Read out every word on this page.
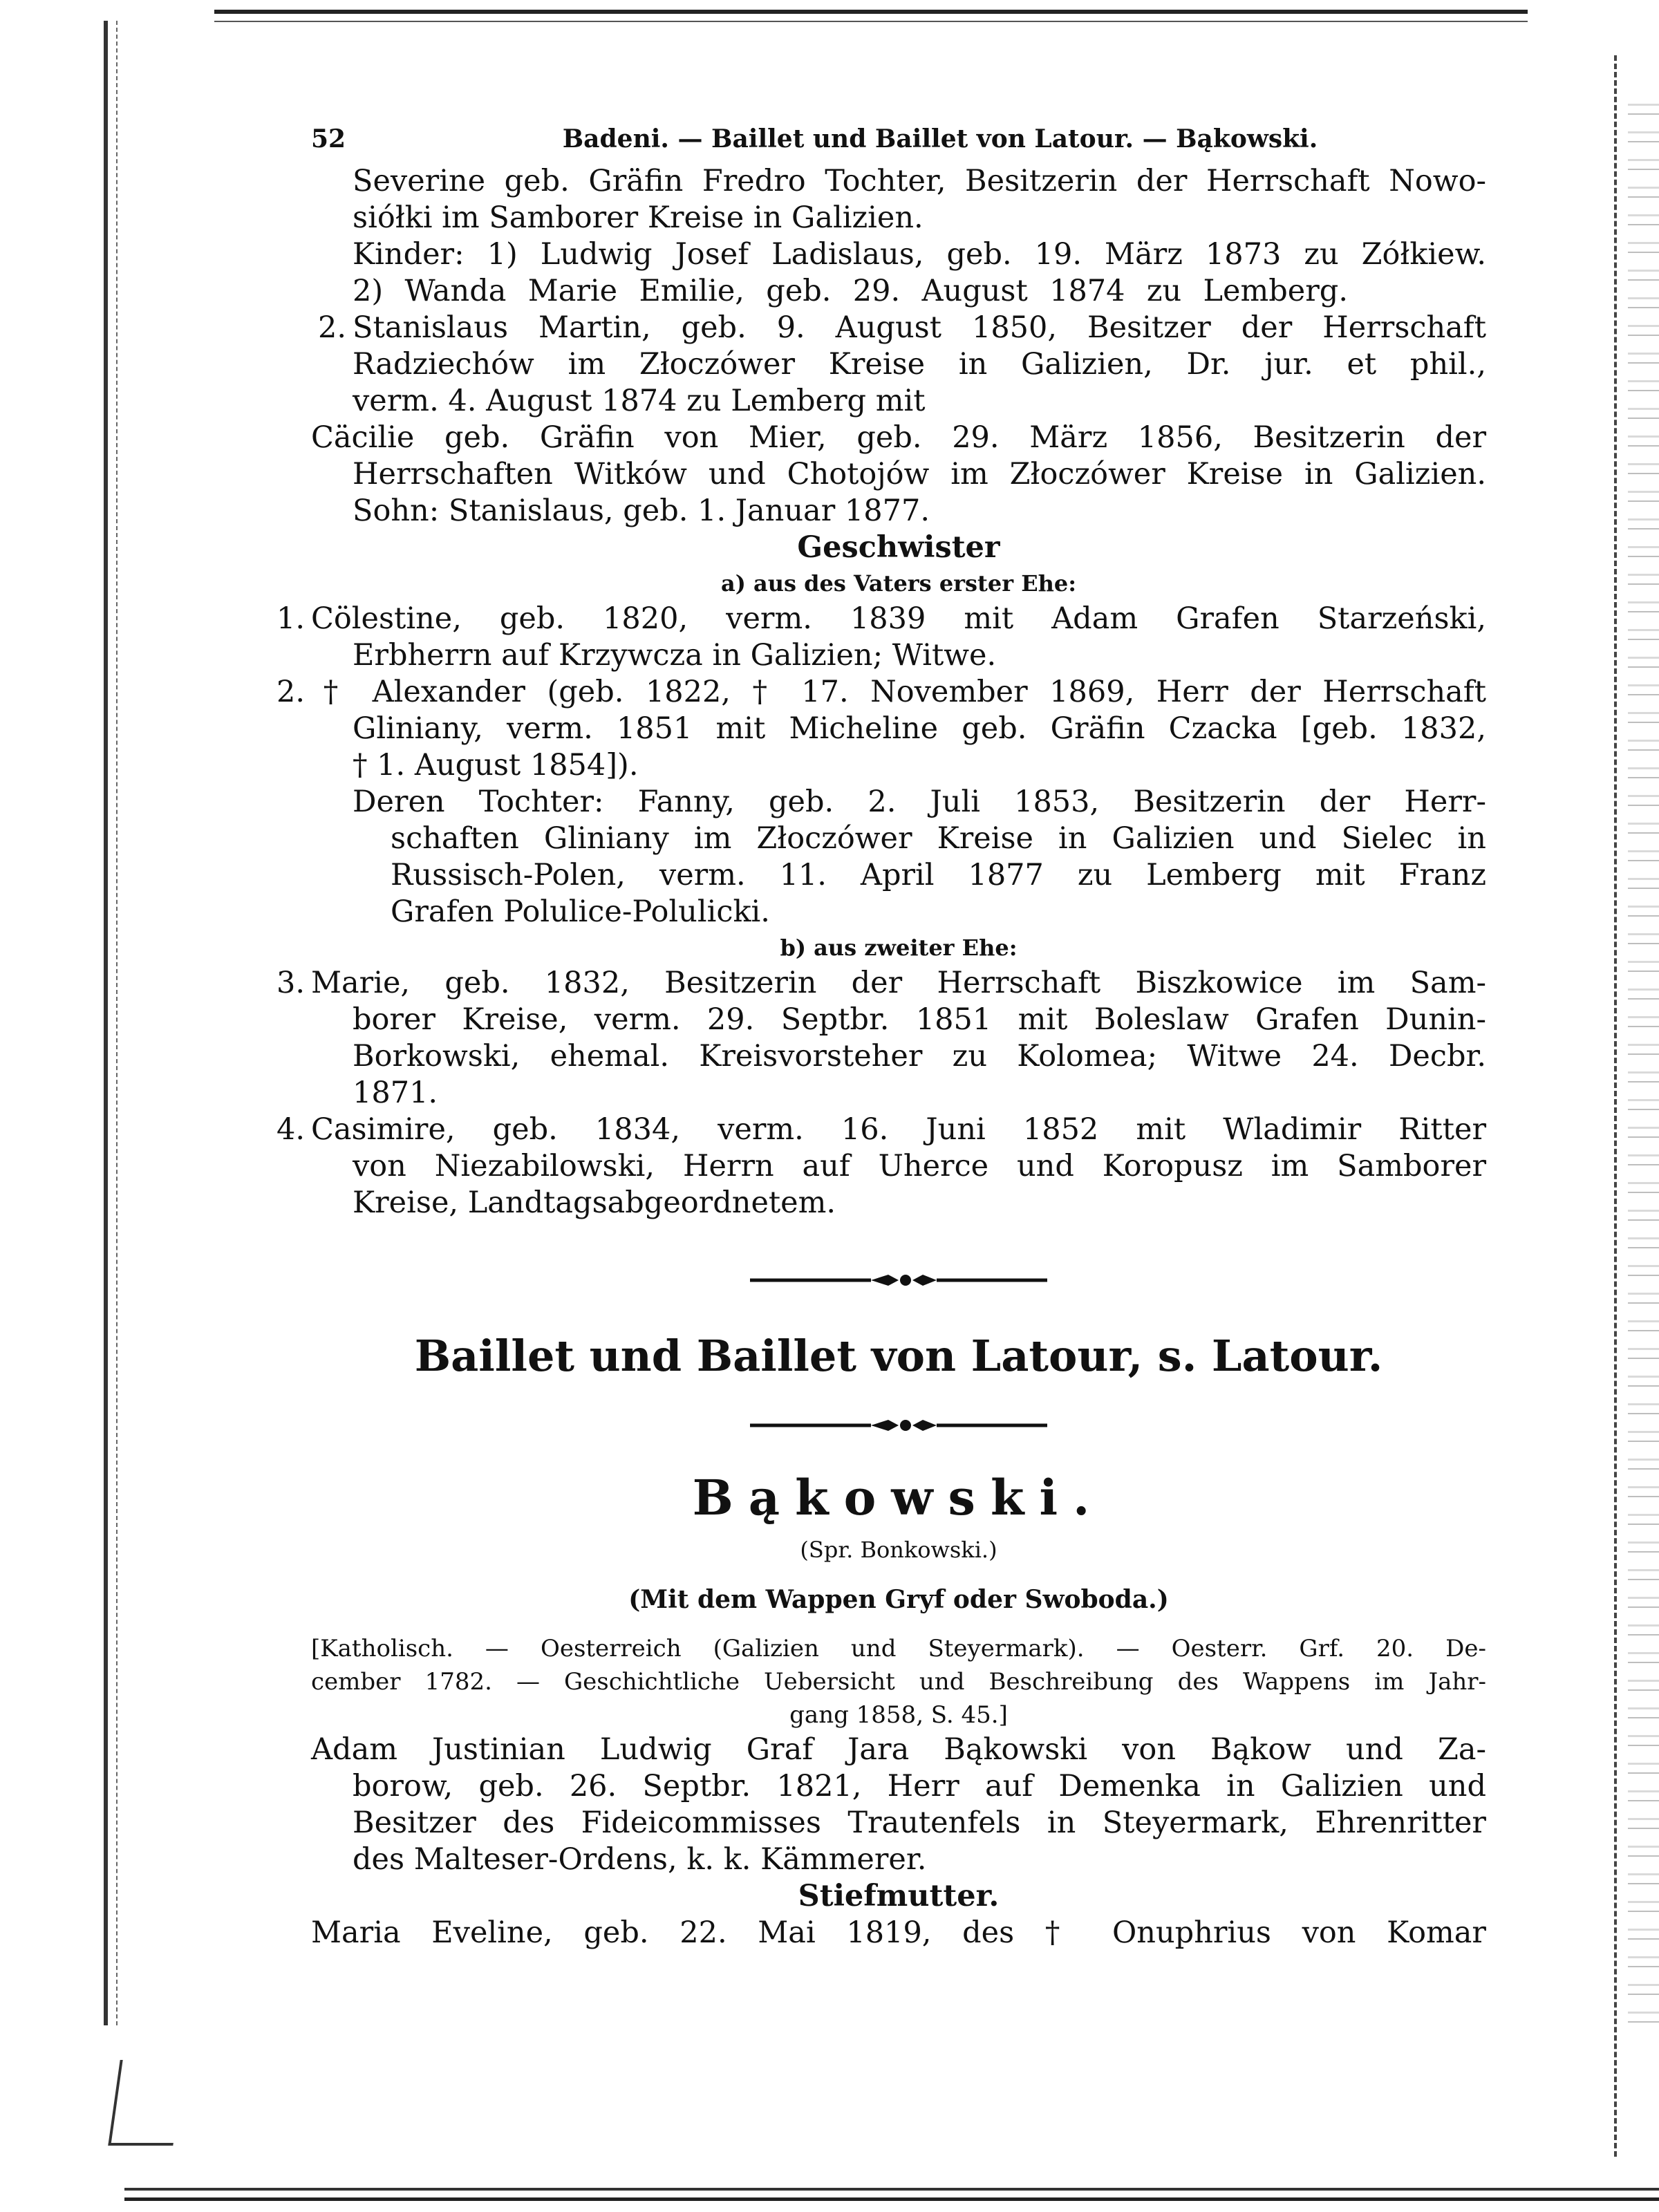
52	Badeni. — Baillet und Baillet von Latour. — Bąkowski.
Severine geb. Gräfin Fredro Tochter, Besitzerin der Herrschaft Nowo-
siółki im Samborer Kreise in Galizien.
Kinder: 1) Ludwig Josef Ladislaus, geb. 19. März 1873 zu Zółkiew.
2) Wanda Marie Emilie, geb. 29. August 1874 zu Lemberg.
2. Stanislaus Martin, geb. 9. August 1850, Besitzer der Herrschaft
Radziechów im Złoczówer Kreise in Galizien, Dr. jur. et phil.,
verm. 4. August 1874 zu Lemberg mit
Cäcilie geb. Gräfin von Mier, geb. 29. März 1856, Besitzerin der
Herrschaften Witków und Chotojów im Złoczówer Kreise in Galizien.
Sohn: Stanislaus, geb. 1. Januar 1877.
Geschwister
a) aus des Vaters erster Ehe:
1. Cölestine, geb. 1820, verm. 1839 mit Adam Grafen Starzeński,
Erbherrn auf Krzywcza in Galizien; Witwe.
2. † Alexander (geb. 1822, † 17. November 1869, Herr der Herrschaft
Gliniany, verm. 1851 mit Micheline geb. Gräfin Czacka [geb. 1832,
† 1. August 1854]).
Deren Tochter: Fanny, geb. 2. Juli 1853, Besitzerin der Herr-
schaften Gliniany im Złoczówer Kreise in Galizien und Sielec in
Russisch-Polen, verm. 11. April 1877 zu Lemberg mit Franz
Grafen Polulice-Polulicki.
b) aus zweiter Ehe:
3. Marie, geb. 1832, Besitzerin der Herrschaft Biszkowice im Sam-
borer Kreise, verm. 29. Septbr. 1851 mit Boleslaw Grafen Dunin-
Borkowski, ehemal. Kreisvorsteher zu Kolomea; Witwe 24. Decbr.
1871.
4. Casimire, geb. 1834, verm. 16. Juni 1852 mit Wladimir Ritter
von Niezabilowski, Herrn auf Uherce und Koropusz im Samborer
Kreise, Landtagsabgeordnetem.
Baillet und Baillet von Latour, s. Latour.
Bąkowski.
(Spr. Bonkowski.)
(Mit dem Wappen Gryf oder Swoboda.)
[Katholisch. — Oesterreich (Galizien und Steyermark). — Oesterr. Grf. 20. De-
cember 1782. — Geschichtliche Uebersicht und Beschreibung des Wappens im Jahr-
gang 1858, S. 45.]
Adam Justinian Ludwig Graf Jara Bąkowski von Bąkow und Za-
borow, geb. 26. Septbr. 1821, Herr auf Demenka in Galizien und
Besitzer des Fideicommisses Trautenfels in Steyermark, Ehrenritter
des Malteser-Ordens, k. k. Kämmerer.
Stiefmutter.
Maria Eveline, geb. 22. Mai 1819, des † Onuphrius von Komar
